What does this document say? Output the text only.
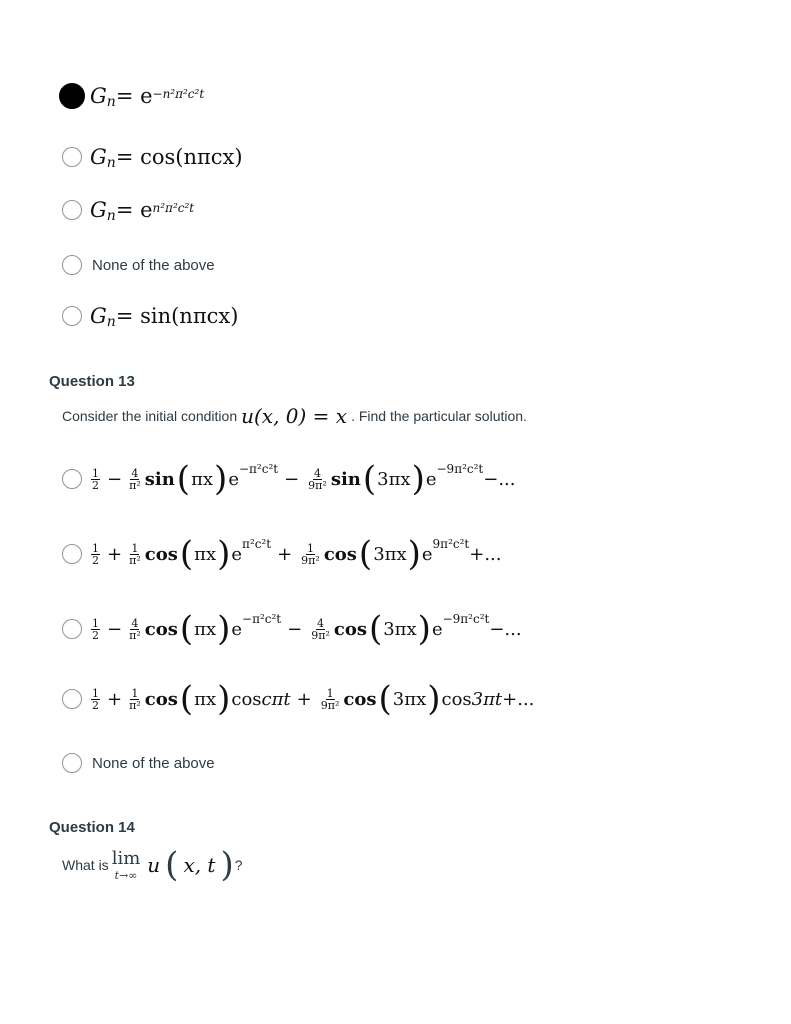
G $n = e^{-n^2\pi^2c^2t}$
G n = cos(nπcx)
G $n = e^{n^2\pi^2c^2t}$
None of the above
G n = sin(nπcx)
Question 13
Consider the initial condition u(x, 0) = x . Find the particular solution.
$\frac{1}{2} - \frac{4}{\text{π²}}$ sin ( πx ) $e^{-\pi^2c^2t} - \frac{4}{\text{9π²}}$ sin ( 3πx ) $e^{-9\pi^2c^2t}$ −...
$\frac{1}{2} + \frac{1}{\text{π²}}$ cos ( πx ) $e^{\pi^2c^2t} + \frac{1}{\text{9π²}}$ cos ( 3πx ) $e^{9\pi^2c^2t}$ +...
$\frac{1}{2} - \frac{4}{\text{π²}}$ cos ( πx ) $e^{-\pi^2c^2t} - \frac{4}{\text{9π²}}$ cos ( 3πx ) $e^{-9\pi^2c^2t}$ −...
$\frac{1}{2} + \frac{1}{\text{π²}}$ cos ( πx ) $\cos c\pi t + \frac{1}{\text{9π²}}$ cos ( 3πx ) cos 3πt +...
None of the above
Question 14
What is lim
t→∞ u ( x, t ) ?
